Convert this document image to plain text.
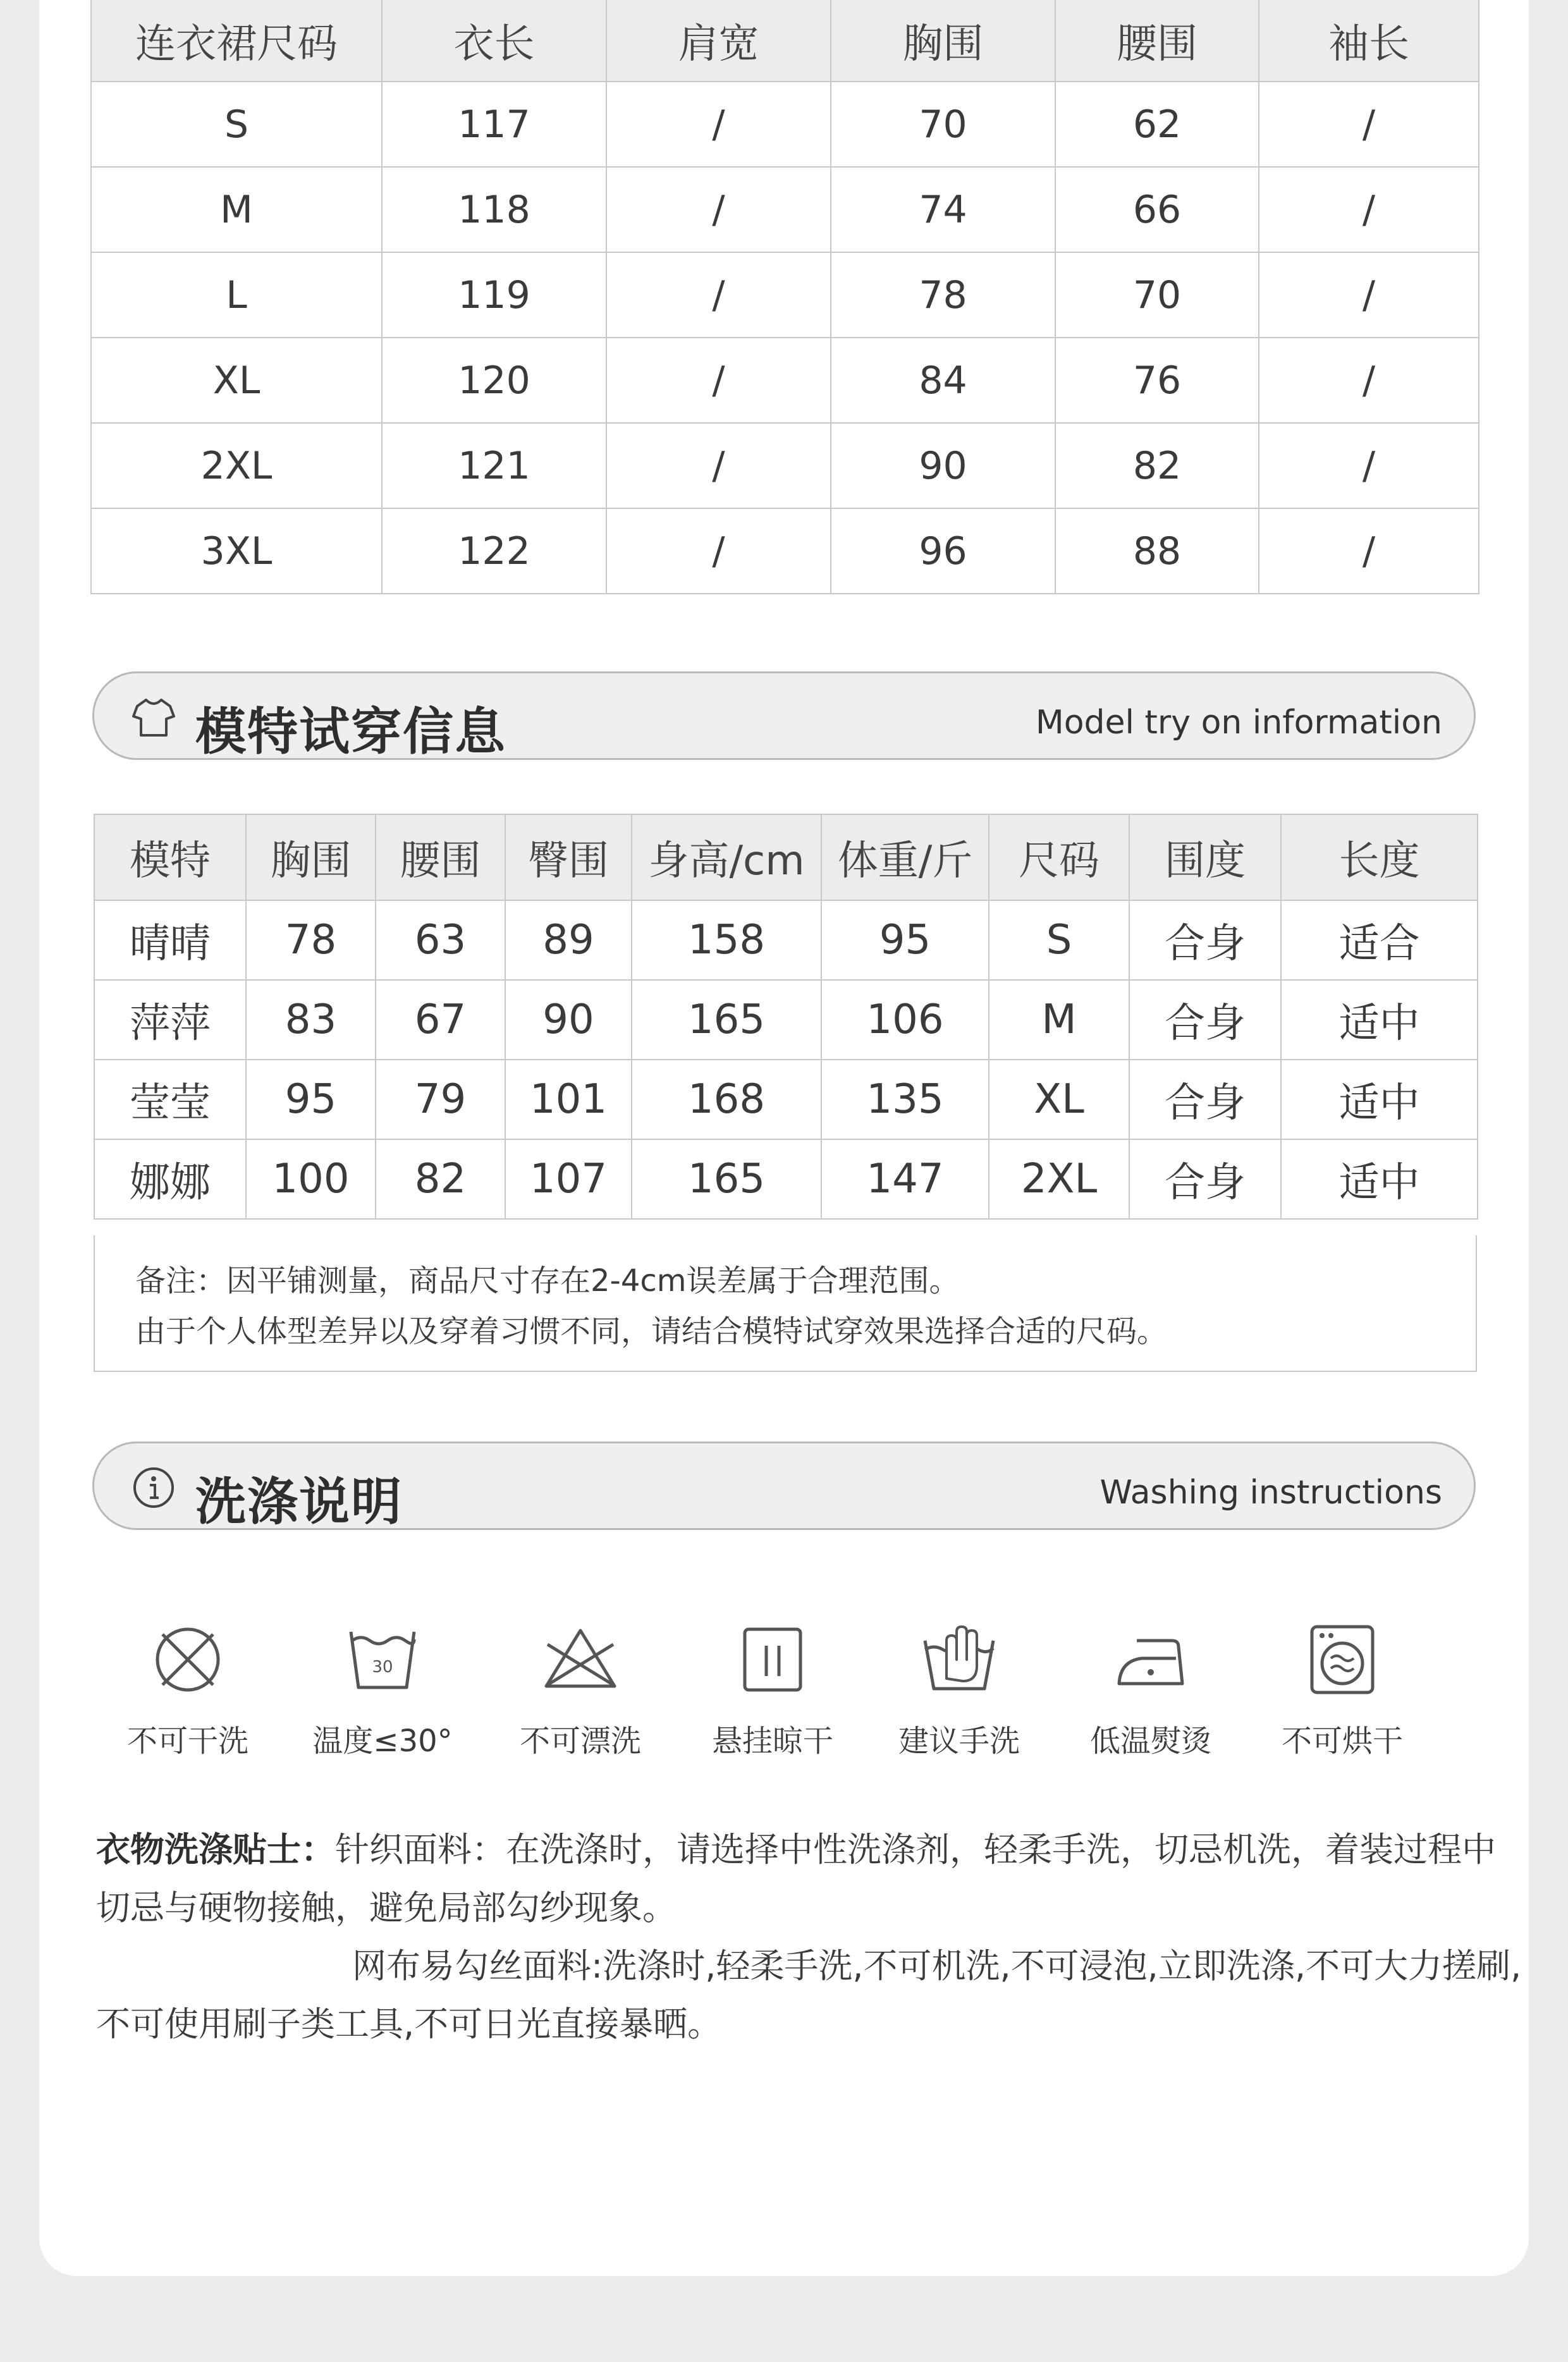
连衣裙尺码	衣长	肩宽	胸围	腰围	袖长
S	117	/	70	62	/
M	118	/	74	66	/
L	119	/	78	70	/
XL	120	/	84	76	/
2XL	121	/	90	82	/
3XL	122	/	96	88	/
模特试穿信息	Model try on information
模特	胸围	腰围	臀围	身高/cm	体重/斤	尺码	围度	长度
晴晴	78	63	89	158	95	S	合身	适合
萍萍	83	67	90	165	106	M	合身	适中
莹莹	95	79	101	168	135	XL	合身	适中
娜娜	100	82	107	165	147	2XL	合身	适中
备注：因平铺测量，商品尺寸存在2-4cm误差属于合理范围。
由于个人体型差异以及穿着习惯不同，请结合模特试穿效果选择合适的尺码。
洗涤说明	Washing instructions
不可干洗
30
温度≤30°	不可漂洗	悬挂晾干	建议手洗	低温熨烫	不可烘干
衣物洗涤贴士：针织面料：在洗涤时，请选择中性洗涤剂，轻柔手洗，切忌机洗，着装过程中切忌与硬物接触，避免局部勾纱现象。
网布易勾丝面料:洗涤时,轻柔手洗,不可机洗,不可浸泡,立即洗涤,不可大力搓刷,不可使用刷子类工具,不可日光直接暴晒。
